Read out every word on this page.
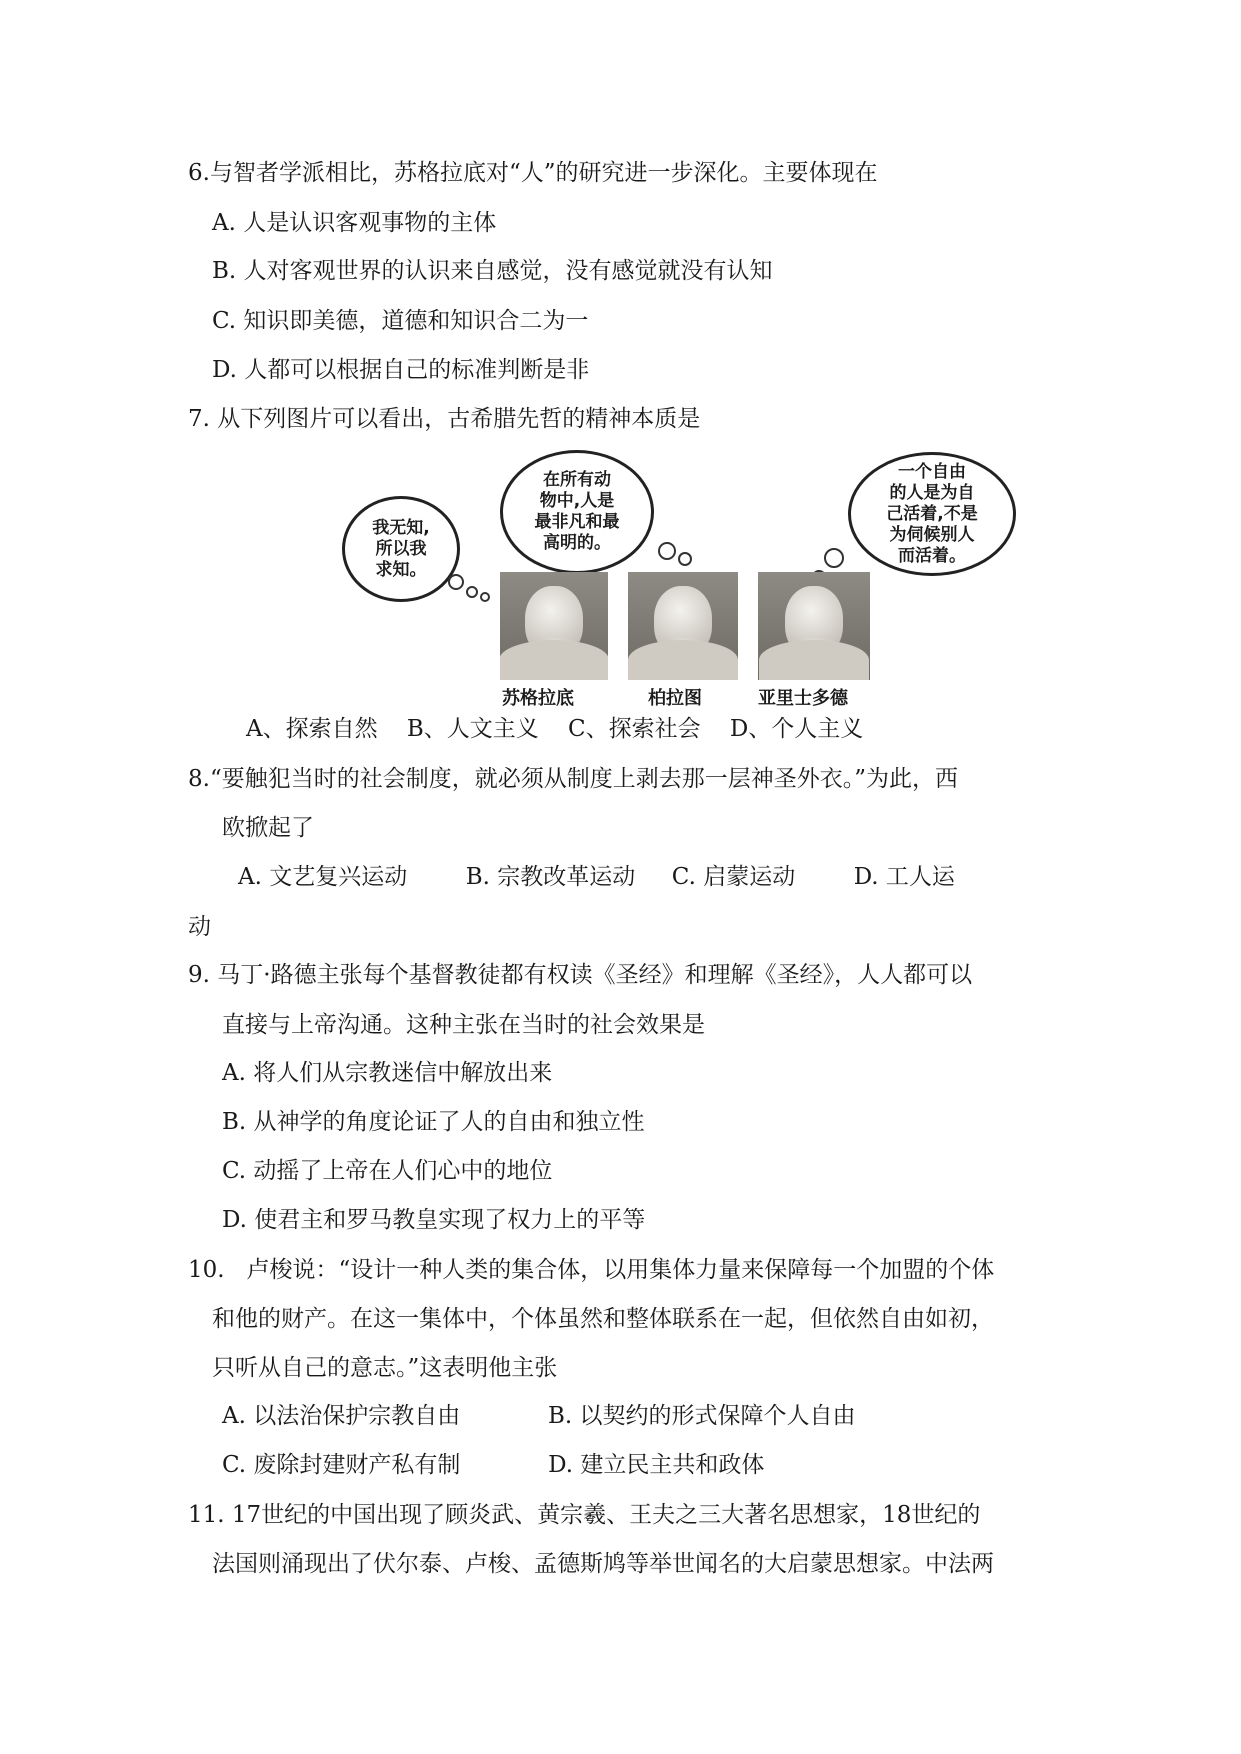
6.与智者学派相比，苏格拉底对“人”的研究进一步深化。主要体现在
A. 人是认识客观事物的主体
B. 人对客观世界的认识来自感觉，没有感觉就没有认知
C. 知识即美德，道德和知识合二为一
D. 人都可以根据自己的标准判断是非
7. 从下列图片可以看出，古希腊先哲的精神本质是
我无知,
所以我
求知。
在所有动
物中,人是
最非凡和最
高明的。
一个自由
的人是为自
己活着,不是
为伺候别人
而活着。
苏格拉底	柏拉图	亚里士多德
A、探索自然    B、人文主义    C、探索社会    D、个人主义
8.“要触犯当时的社会制度，就必须从制度上剥去那一层神圣外衣。”为此，西
欧掀起了
A. 文艺复兴运动        B. 宗教改革运动     C. 启蒙运动        D. 工人运
动
9. 马丁·路德主张每个基督教徒都有权读《圣经》和理解《圣经》，人人都可以
直接与上帝沟通。这种主张在当时的社会效果是
A. 将人们从宗教迷信中解放出来
B. 从神学的角度论证了人的自由和独立性
C. 动摇了上帝在人们心中的地位
D. 使君主和罗马教皇实现了权力上的平等
10.   卢梭说：“设计一种人类的集合体，以用集体力量来保障每一个加盟的个体
和他的财产。在这一集体中，个体虽然和整体联系在一起，但依然自由如初，
只听从自己的意志。”这表明他主张
A. 以法治保护宗教自由            B. 以契约的形式保障个人自由
C. 废除封建财产私有制            D. 建立民主共和政体
11. 17世纪的中国出现了顾炎武、黄宗羲、王夫之三大著名思想家，18世纪的
法国则涌现出了伏尔泰、卢梭、孟德斯鸠等举世闻名的大启蒙思想家。中法两
